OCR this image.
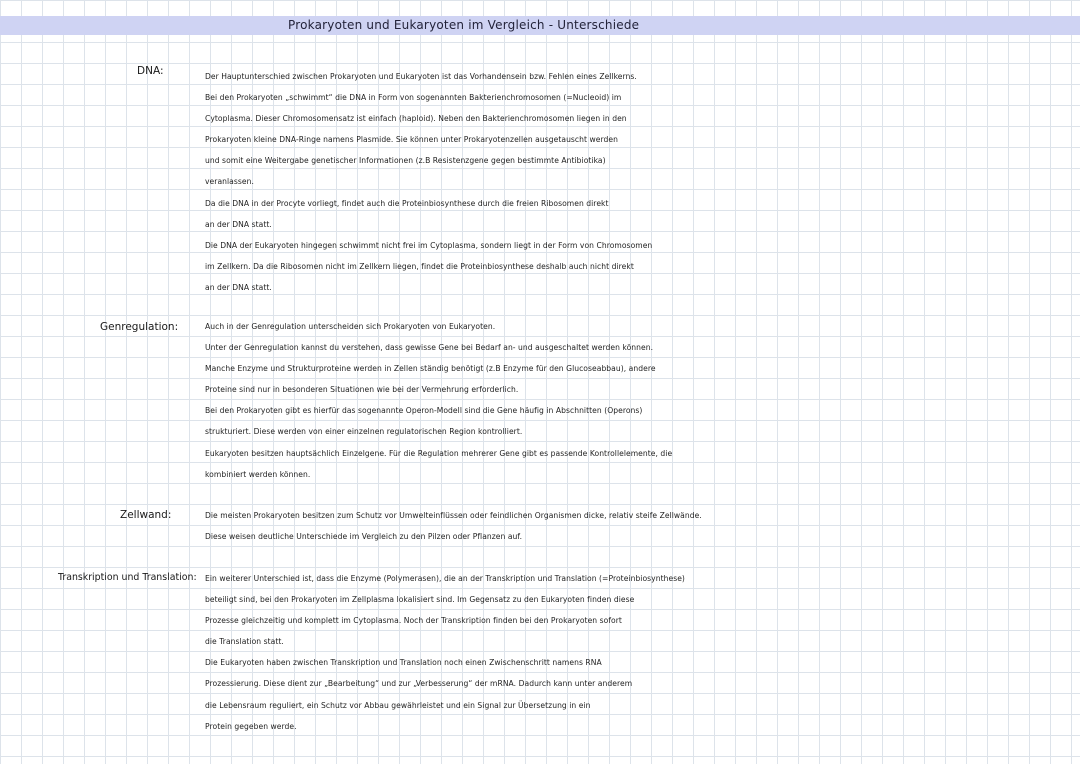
Prokaryoten und Eukaryoten im Vergleich - Unterschiede
DNA:	Der Hauptunterschied zwischen Prokaryoten und Eukaryoten ist das Vorhandensein bzw. Fehlen eines Zellkerns.
Bei den Prokaryoten „schwimmt“ die DNA in Form von sogenannten Bakterienchromosomen (=Nucleoid) im
Cytoplasma. Dieser Chromosomensatz ist einfach (haploid). Neben den Bakterienchromosomen liegen in den
Prokaryoten kleine DNA-Ringe namens Plasmide. Sie können unter Prokaryotenzellen ausgetauscht werden
und somit eine Weitergabe genetischer Informationen (z.B Resistenzgene gegen bestimmte Antibiotika)
veranlassen.
Da die DNA in der Procyte vorliegt, findet auch die Proteinbiosynthese durch die freien Ribosomen direkt
an der DNA statt.
Die DNA der Eukaryoten hingegen schwimmt nicht frei im Cytoplasma, sondern liegt in der Form von Chromosomen
im Zellkern. Da die Ribosomen nicht im Zellkern liegen, findet die Proteinbiosynthese deshalb auch nicht direkt
an der DNA statt.
Genregulation:	Auch in der Genregulation unterscheiden sich Prokaryoten von Eukaryoten.
Unter der Genregulation kannst du verstehen, dass gewisse Gene bei Bedarf an- und ausgeschaltet werden können.
Manche Enzyme und Strukturproteine werden in Zellen ständig benötigt (z.B Enzyme für den Glucoseabbau), andere
Proteine sind nur in besonderen Situationen wie bei der Vermehrung erforderlich.
Bei den Prokaryoten gibt es hierfür das sogenannte Operon-Modell sind die Gene häufig in Abschnitten (Operons)
strukturiert. Diese werden von einer einzelnen regulatorischen Region kontrolliert.
Eukaryoten besitzen hauptsächlich Einzelgene. Für die Regulation mehrerer Gene gibt es passende Kontrollelemente, die
kombiniert werden können.
Zellwand:	Die meisten Prokaryoten besitzen zum Schutz vor Umwelteinflüssen oder feindlichen Organismen dicke, relativ steife Zellwände.
Diese weisen deutliche Unterschiede im Vergleich zu den Pilzen oder Pflanzen auf.
Transkription und Translation: Ein weiterer Unterschied ist, dass die Enzyme (Polymerasen), die an der Transkription und Translation (=Proteinbiosynthese)
beteiligt sind, bei den Prokaryoten im Zellplasma lokalisiert sind. Im Gegensatz zu den Eukaryoten finden diese
Prozesse gleichzeitig und komplett im Cytoplasma. Noch der Transkription finden bei den Prokaryoten sofort
die Translation statt.
Die Eukaryoten haben zwischen Transkription und Translation noch einen Zwischenschritt namens RNA
Prozessierung. Diese dient zur „Bearbeitung“ und zur „Verbesserung“ der mRNA. Dadurch kann unter anderem
die Lebensraum reguliert, ein Schutz vor Abbau gewährleistet und ein Signal zur Übersetzung in ein
Protein gegeben werde.
